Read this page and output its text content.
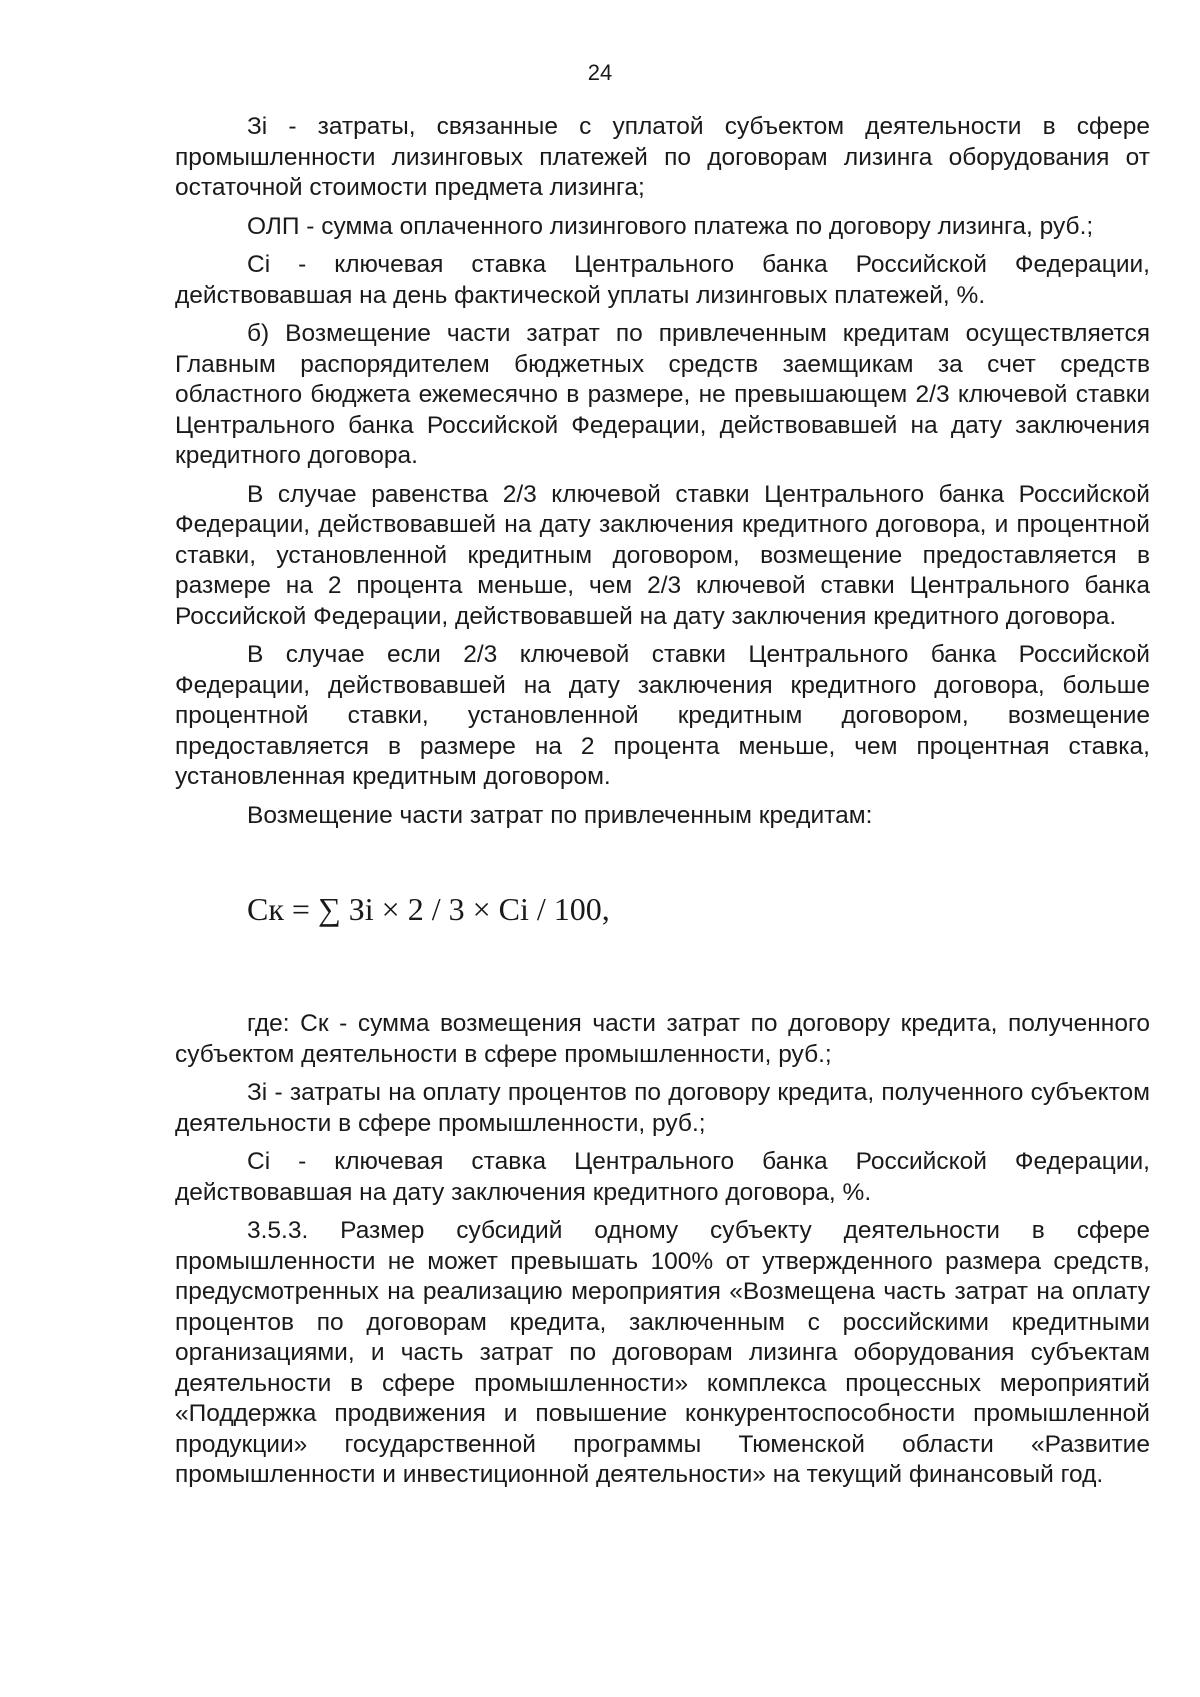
24

Зi - затраты, связанные с уплатой субъектом деятельности в сфере промышленности лизинговых платежей по договорам лизинга оборудования от остаточной стоимости предмета лизинга;

ОЛП - сумма оплаченного лизингового платежа по договору лизинга, руб.;

Ci - ключевая ставка Центрального банка Российской Федерации, действовавшая на день фактической уплаты лизинговых платежей, %.

б) Возмещение части затрат по привлеченным кредитам осуществляется Главным распорядителем бюджетных средств заемщикам за счет средств областного бюджета ежемесячно в размере, не превышающем 2/3 ключевой ставки Центрального банка Российской Федерации, действовавшей на дату заключения кредитного договора.

В случае равенства 2/3 ключевой ставки Центрального банка Российской Федерации, действовавшей на дату заключения кредитного договора, и процентной ставки, установленной кредитным договором, возмещение предоставляется в размере на 2 процента меньше, чем 2/3 ключевой ставки Центрального банка Российской Федерации, действовавшей на дату заключения кредитного договора.

В случае если 2/3 ключевой ставки Центрального банка Российской Федерации, действовавшей на дату заключения кредитного договора, больше процентной ставки, установленной кредитным договором, возмещение предоставляется в размере на 2 процента меньше, чем процентная ставка, установленная кредитным договором.

Возмещение части затрат по привлеченным кредитам:

Ск = ∑ Зi × 2 / 3 × Ci / 100,

где: Ск - сумма возмещения части затрат по договору кредита, полученного субъектом деятельности в сфере промышленности, руб.;

Зi - затраты на оплату процентов по договору кредита, полученного субъектом деятельности в сфере промышленности, руб.;

Ci - ключевая ставка Центрального банка Российской Федерации, действовавшая на дату заключения кредитного договора, %.

3.5.3. Размер субсидий одному субъекту деятельности в сфере промышленности не может превышать 100% от утвержденного размера средств, предусмотренных на реализацию мероприятия «Возмещена часть затрат на оплату процентов по договорам кредита, заключенным с российскими кредитными организациями, и часть затрат по договорам лизинга оборудования субъектам деятельности в сфере промышленности» комплекса процессных мероприятий «Поддержка продвижения и повышение конкурентоспособности промышленной продукции» государственной программы Тюменской области «Развитие промышленности и инвестиционной деятельности» на текущий финансовый год.
